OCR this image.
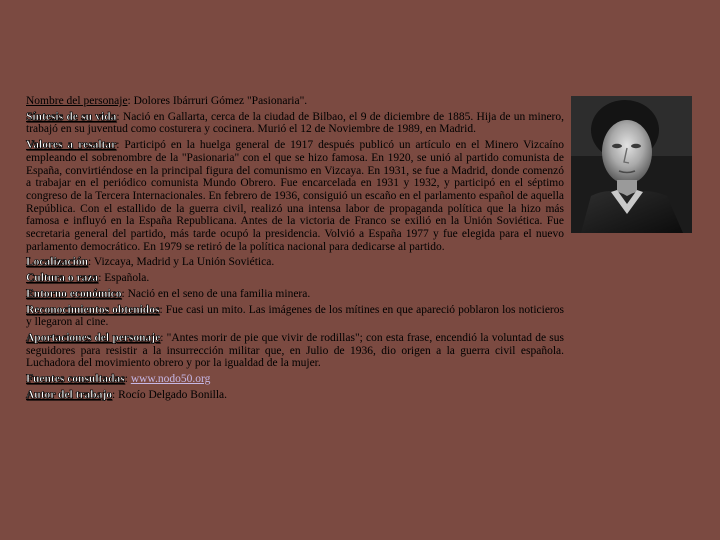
Nombre del personaje: Dolores Ibárruri Gómez "Pasionaria".

Síntesis de su vida: Nació en Gallarta, cerca de la ciudad de Bilbao, el 9 de diciembre de 1885. Hija de un minero, trabajó en su juventud como costurera y cocinera. Murió el 12 de Noviembre de 1989, en Madrid.

Valores a resaltar: Participó en la huelga general de 1917 después publicó un artículo en el Minero Vizcaíno empleando el sobrenombre de la "Pasionaria" con el que se hizo famosa. En 1920, se unió al partido comunista de España, convirtiéndose en la principal figura del comunismo en Vizcaya. En 1931, se fue a Madrid, donde comenzó a trabajar en el periódico comunista Mundo Obrero. Fue encarcelada en 1931 y 1932, y participó en el séptimo congreso de la Tercera Internacionales. En febrero de 1936, consiguió un escaño en el parlamento español de aquella República. Con el estallido de la guerra civil, realizó una intensa labor de propaganda política que la hizo más famosa e influyó en la España Republicana. Antes de la victoria de Franco se exilió en la Unión Soviética. Fue secretaria general del partido, más tarde ocupó la presidencia. Volvió a España 1977 y fue elegida para el nuevo parlamento democrático. En 1979 se retiró de la política nacional para dedicarse al partido.

Localización: Vizcaya, Madrid y La Unión Soviética.

Cultura o raza: Española.

Entorno económico: Nació en el seno de una familia minera.

Reconocimientos obtenidos: Fue casi un mito. Las imágenes de los mítines en que apareció poblaron los noticieros y llegaron al cine.

Aportaciones del personaje: "Antes morir de pie que vivir de rodillas"; con esta frase, encendió la voluntad de sus seguidores para resistir a la insurrección militar que, en Julio de 1936, dio origen a la guerra civil española. Luchadora del movimiento obrero y por la igualdad de la mujer.

Fuentes consultadas: www.nodo50.org

Autor del trabajo: Rocío Delgado Bonilla.
